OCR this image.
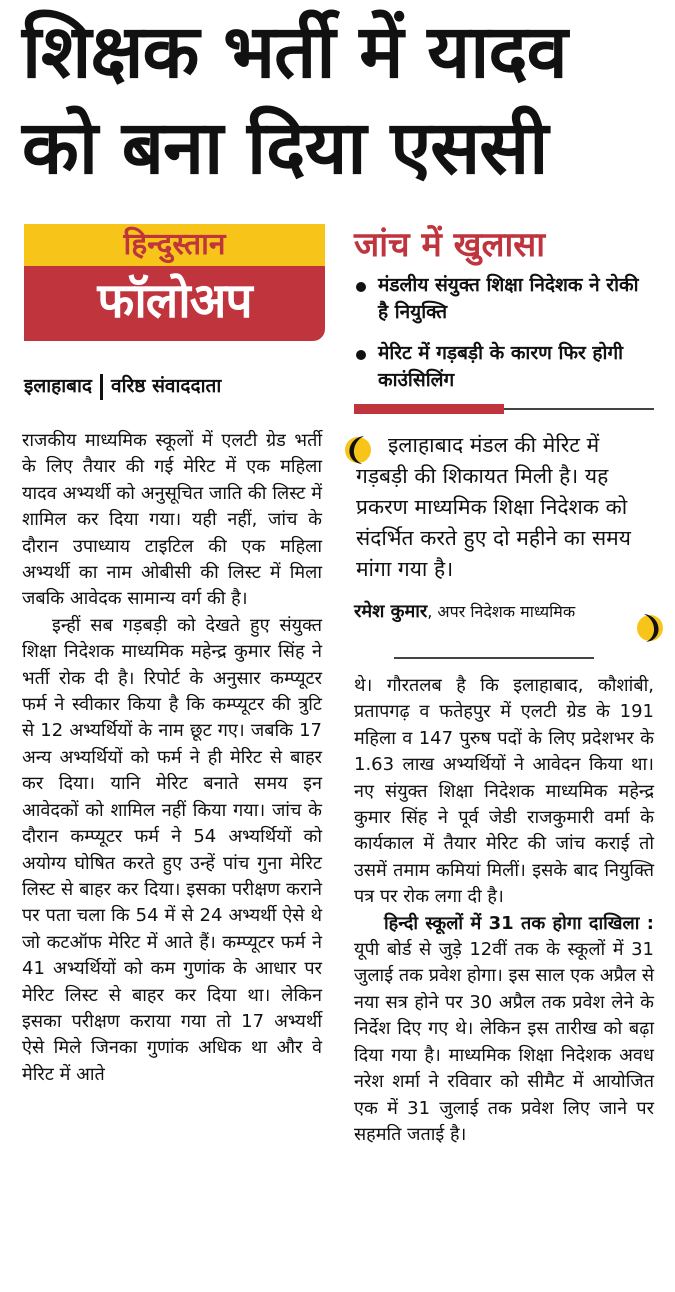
शिक्षक भर्ती में यादव
को बना दिया एससी
हिन्दुस्तान
फॉलोअप
इलाहाबाद वरिष्ठ संवाददाता
जांच में खुलासा
मंडलीय संयुक्त शिक्षा निदेशक ने रोकी है नियुक्ति
मेरिट में गड़बड़ी के कारण फिर होगी काउंसिलिंग

राजकीय माध्यमिक स्कूलों में एलटी ग्रेड भर्ती के लिए तैयार की गई मेरिट में एक महिला यादव अभ्यर्थी को अनुसूचित जाति की लिस्ट में शामिल कर दिया गया। यही नहीं, जांच के दौरान उपाध्याय टाइटिल की एक महिला अभ्यर्थी का नाम ओबीसी की लिस्ट में मिला जबकि आवेदक सामान्य वर्ग की है।

इन्हीं सब गड़बड़ी को देखते हुए संयुक्त शिक्षा निदेशक माध्यमिक महेन्द्र कुमार सिंह ने भर्ती रोक दी है। रिपोर्ट के अनुसार कम्प्यूटर फर्म ने स्वीकार किया है कि कम्प्यूटर की त्रुटि से 12 अभ्यर्थियों के नाम छूट गए। जबकि 17 अन्य अभ्यर्थियों को फर्म ने ही मेरिट से बाहर कर दिया। यानि मेरिट बनाते समय इन आवेदकों को शामिल नहीं किया गया। जांच के दौरान कम्प्यूटर फर्म ने 54 अभ्यर्थियों को अयोग्य घोषित करते हुए उन्हें पांच गुना मेरिट लिस्ट से बाहर कर दिया। इसका परीक्षण कराने पर पता चला कि 54 में से 24 अभ्यर्थी ऐसे थे जो कटऑफ मेरिट में आते हैं। कम्प्यूटर फर्म ने 41 अभ्यर्थियों को कम गुणांक के आधार पर मेरिट लिस्ट से बाहर कर दिया था। लेकिन इसका परीक्षण कराया गया तो 17 अभ्यर्थी ऐसे मिले जिनका गुणांक अधिक था और वे मेरिट में आते

इलाहाबाद मंडल की मेरिट में
गड़बड़ी की शिकायत मिली है। यह प्रकरण माध्यमिक शिक्षा निदेशक को संदर्भित करते हुए दो महीने का समय मांगा गया है।
रमेश कुमार, अपर निदेशक माध्यमिक

थे। गौरतलब है कि इलाहाबाद, कौशांबी, प्रतापगढ़ व फतेहपुर में एलटी ग्रेड के 191 महिला व 147 पुरुष पदों के लिए प्रदेशभर के 1.63 लाख अभ्यर्थियों ने आवेदन किया था। नए संयुक्त शिक्षा निदेशक माध्यमिक महेन्द्र कुमार सिंह ने पूर्व जेडी राजकुमारी वर्मा के कार्यकाल में तैयार मेरिट की जांच कराई तो उसमें तमाम कमियां मिलीं। इसके बाद नियुक्ति पत्र पर रोक लगा दी है।

हिन्दी स्कूलों में 31 तक होगा दाखिला : यूपी बोर्ड से जुड़े 12वीं तक के स्कूलों में 31 जुलाई तक प्रवेश होगा। इस साल एक अप्रैल से नया सत्र होने पर 30 अप्रैल तक प्रवेश लेने के निर्देश दिए गए थे। लेकिन इस तारीख को बढ़ा दिया गया है। माध्यमिक शिक्षा निदेशक अवध नरेश शर्मा ने रविवार को सीमैट में आयोजित एक में 31 जुलाई तक प्रवेश लिए जाने पर सहमति जताई है।
